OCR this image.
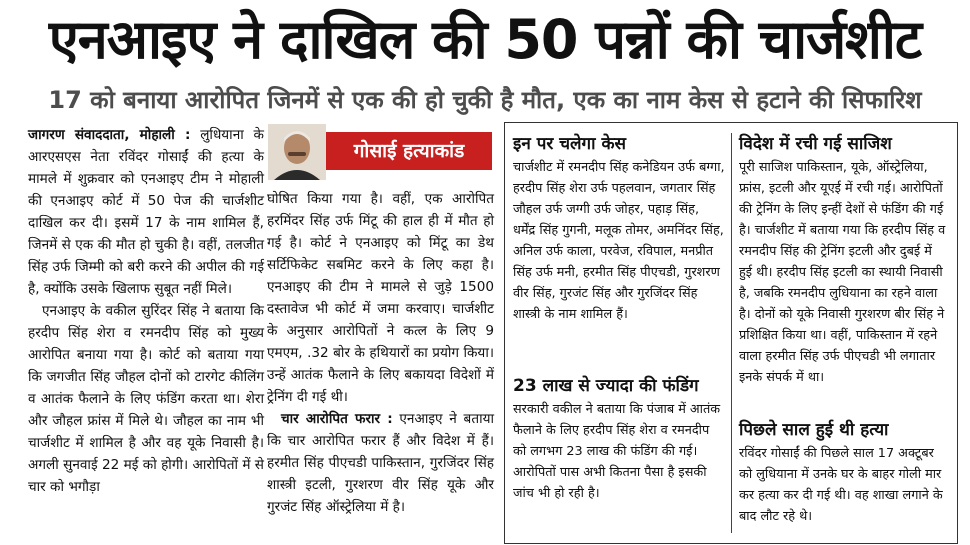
एनआइए ने दाखिल की 50 पन्नों की चार्जशीट
17 को बनाया आरोपित जिनमें से एक की हो चुकी है मौत, एक का नाम केस से हटाने की सिफारिश

जागरण संवाददाता, मोहाली : लुधियाना के आरएसएस नेता रविंदर गोसाईं की हत्या के मामले में शुक्रवार को एनआइए टीम ने मोहाली की एनआइए कोर्ट में 50 पेज की चार्जशीट दाखिल कर दी। इसमें 17 के नाम शामिल हैं, जिनमें से एक की मौत हो चुकी है। वहीं, तलजीत सिंह उर्फ जिम्मी को बरी करने की अपील की गई है, क्योंकि उसके खिलाफ सुबूत नहीं मिले।

एनआइए के वकील सुरिंदर सिंह ने बताया कि हरदीप सिंह शेरा व रमनदीप सिंह को मुख्य आरोपित बनाया गया है। कोर्ट को बताया गया कि जगजीत सिंह जौहल दोनों को टारगेट कीलिंग व आतंक फैलाने के लिए फंडिंग करता था। शेरा और जौहल फ्रांस में मिले थे। जौहल का नाम भी चार्जशीट में शामिल है और वह यूके निवासी है। अगली सुनवाई 22 मई को होगी। आरोपितों में से चार को भगौड़ा

गोसाई हत्याकांड

घोषित किया गया है। वहीं, एक आरोपित हरमिंदर सिंह उर्फ मिंटू की हाल ही में मौत हो गई है। कोर्ट ने एनआइए को मिंटू का डेथ सर्टिफिकेट सबमिट करने के लिए कहा है। एनआइए की टीम ने मामले से जुड़े 1500 दस्तावेज भी कोर्ट में जमा करवाए। चार्जशीट के अनुसार आरोपितों ने कत्ल के लिए 9 एमएम, .32 बोर के हथियारों का प्रयोग किया। उन्हें आतंक फैलाने के लिए बकायदा विदेशों में ट्रेनिंग दी गई थी।

चार आरोपित फरार : एनआइए ने बताया कि चार आरोपित फरार हैं और विदेश में हैं। हरमीत सिंह पीएचडी पाकिस्तान, गुरजिंदर सिंह शास्त्री इटली, गुरशरण वीर सिंह यूके और गुरजंट सिंह ऑस्ट्रेलिया में है।

इन पर चलेगा केस

चार्जशीट में रमनदीप सिंह कनेडियन उर्फ बग्गा, हरदीप सिंह शेरा उर्फ पहलवान, जगतार सिंह जौहल उर्फ जग्गी उर्फ जोहर, पहाड़ सिंह, धर्मेंद्र सिंह गुगनी, मलूक तोमर, अमनिंदर सिंह, अनिल उर्फ काला, परवेज, रविपाल, मनप्रीत सिंह उर्फ मनी, हरमीत सिंह पीएचडी, गुरशरण वीर सिंह, गुरजंट सिंह और गुरजिंदर सिंह शास्त्री के नाम शामिल हैं।

23 लाख से ज्यादा की फंडिंग

सरकारी वकील ने बताया कि पंजाब में आतंक फैलाने के लिए हरदीप सिंह शेरा व रमनदीप को लगभग 23 लाख की फंडिंग की गई। आरोपितों पास अभी कितना पैसा है इसकी जांच भी हो रही है।

विदेश में रची गई साजिश

पूरी साजिश पाकिस्तान, यूके, ऑस्ट्रेलिया, फ्रांस, इटली और यूएई में रची गई। आरोपितों की ट्रेनिंग के लिए इन्हीं देशों से फंडिंग की गई है। चार्जशीट में बताया गया कि हरदीप सिंह व रमनदीप सिंह की ट्रेनिंग इटली और दुबई में हुई थी। हरदीप सिंह इटली का स्थायी निवासी है, जबकि रमनदीप लुधियाना का रहने वाला है। दोनों को यूके निवासी गुरशरण बीर सिंह ने प्रशिक्षित किया था। वहीं, पाकिस्तान में रहने वाला हरमीत सिंह उर्फ पीएचडी भी लगातार इनके संपर्क में था।

पिछले साल हुई थी हत्या

रविंदर गोसाईं की पिछले साल 17 अक्टूबर को लुधियाना में उनके घर के बाहर गोली मार कर हत्या कर दी गई थी। वह शाखा लगाने के बाद लौट रहे थे।
